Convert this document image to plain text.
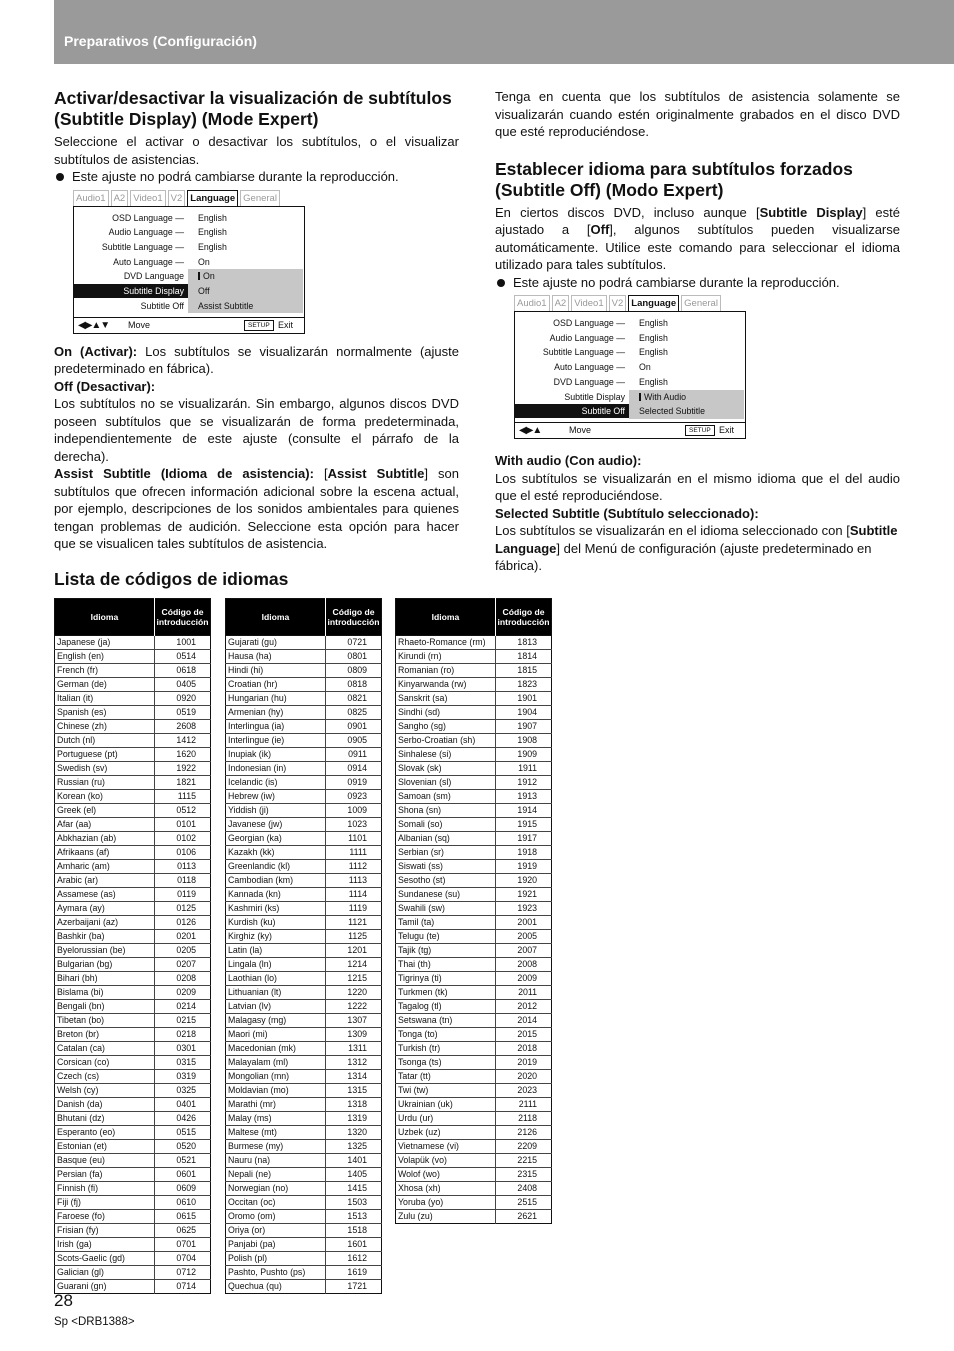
Preparativos (Configuración)
Activar/desactivar la visualización de subtítulos (Subtitle Display) (Mode Expert)

Seleccione el activar o desactivar los subtítulos, o el visualizar subtítulos de asistencias.

Este ajuste no podrá cambiarse durante la reproducción.
Audio1 A2 Video1 V2 Language General
OSD Language — English
Audio Language — English
Subtitle Language — English
Auto Language — On
DVD Language	On
Subtitle Display Off
Subtitle Off Assist Subtitle
◀▶▲▼ Move	SETUP Exit

On (Activar): Los subtítulos se visualizarán normalmente (ajuste predeterminado en fábrica).

Off (Desactivar):

Los subtítulos no se visualizarán. Sin embargo, algunos discos DVD poseen subtítulos que se visualizarán de forma predeterminada, independientemente de este ajuste (consulte el párrafo de la derecha).

Assist Subtitle (Idioma de asistencia): [Assist Subtitle] son subtítulos que ofrecen información adicional sobre la escena actual, por ejemplo, descripciones de los sonidos ambientales para quienes tengan problemas de audición. Seleccione esta opción para hacer que se visualicen tales subtítulos de asistencia.

Tenga en cuenta que los subtítulos de asistencia solamente se visualizarán cuando estén originalmente grabados en el disco DVD que esté reproduciéndose.

Establecer idioma para subtítulos forzados (Subtitle Off) (Modo Expert)

En ciertos discos DVD, incluso aunque [Subtitle Display] esté ajustado a [Off], algunos subtítulos pueden visualizarse automáticamente. Utilice este comando para seleccionar el idioma utilizado para tales subtítulos.

Este ajuste no podrá cambiarse durante la reproducción.
Audio1 A2 Video1 V2 Language General
OSD Language — English
Audio Language — English
Subtitle Language — English
Auto Language — On
DVD Language — English
Subtitle Display	With Audio
Subtitle Off Selected Subtitle
◀▶▲	Move	SETUP Exit

With audio (Con audio):

Los subtítulos se visualizarán en el mismo idioma que el del audio que el esté reproduciéndose.

Selected Subtitle (Subtítulo seleccionado):

Los subtítulos se visualizarán en el idioma seleccionado con [Subtitle Language] del Menú de configuración (ajuste predeterminado en fábrica).

Lista de códigos de idiomas
Idioma	Código de introducción
Japanese (ja)	1001
English (en)	0514
French (fr)	0618
German (de)	0405
Italian (it)	0920
Spanish (es)	0519
Chinese (zh)	2608
Dutch (nl)	1412
Portuguese (pt)	1620
Swedish (sv)	1922
Russian (ru)	1821
Korean (ko)	1115
Greek (el)	0512
Afar (aa)	0101
Abkhazian (ab)	0102
Afrikaans (af)	0106
Amharic (am)	0113
Arabic (ar)	0118
Assamese (as)	0119
Aymara (ay)	0125
Azerbaijani (az)	0126
Bashkir (ba)	0201
Byelorussian (be)	0205
Bulgarian (bg)	0207
Bihari (bh)	0208
Bislama (bi)	0209
Bengali (bn)	0214
Tibetan (bo)	0215
Breton (br)	0218
Catalan (ca)	0301
Corsican (co)	0315
Czech (cs)	0319
Welsh (cy)	0325
Danish (da)	0401
Bhutani (dz)	0426
Esperanto (eo)	0515
Estonian (et)	0520
Basque (eu)	0521
Persian (fa)	0601
Finnish (fi)	0609
Fiji (fj)	0610
Faroese (fo)	0615
Frisian (fy)	0625
Irish (ga)	0701
Scots-Gaelic (gd)	0704
Galician (gl)	0712
Guarani (gn)	0714
Idioma	Código de introducción
Gujarati (gu)	0721
Hausa (ha)	0801
Hindi (hi)	0809
Croatian (hr)	0818
Hungarian (hu)	0821
Armenian (hy)	0825
Interlingua (ia)	0901
Interlingue (ie)	0905
Inupiak (ik)	0911
Indonesian (in)	0914
Icelandic (is)	0919
Hebrew (iw)	0923
Yiddish (ji)	1009
Javanese (jw)	1023
Georgian (ka)	1101
Kazakh (kk)	1111
Greenlandic (kl)	1112
Cambodian (km)	1113
Kannada (kn)	1114
Kashmiri (ks)	1119
Kurdish (ku)	1121
Kirghiz (ky)	1125
Latin (la)	1201
Lingala (ln)	1214
Laothian (lo)	1215
Lithuanian (lt)	1220
Latvian (lv)	1222
Malagasy (mg)	1307
Maori (mi)	1309
Macedonian (mk)	1311
Malayalam (ml)	1312
Mongolian (mn)	1314
Moldavian (mo)	1315
Marathi (mr)	1318
Malay (ms)	1319
Maltese (mt)	1320
Burmese (my)	1325
Nauru (na)	1401
Nepali (ne)	1405
Norwegian (no)	1415
Occitan (oc)	1503
Oromo (om)	1513
Oriya (or)	1518
Panjabi (pa)	1601
Polish (pl)	1612
Pashto, Pushto (ps)	1619
Quechua (qu)	1721
Idioma	Código de introducción
Rhaeto-Romance (rm)	1813
Kirundi (rn)	1814
Romanian (ro)	1815
Kinyarwanda (rw)	1823
Sanskrit (sa)	1901
Sindhi (sd)	1904
Sangho (sg)	1907
Serbo-Croatian (sh)	1908
Sinhalese (si)	1909
Slovak (sk)	1911
Slovenian (sl)	1912
Samoan (sm)	1913
Shona (sn)	1914
Somali (so)	1915
Albanian (sq)	1917
Serbian (sr)	1918
Siswati (ss)	1919
Sesotho (st)	1920
Sundanese (su)	1921
Swahili (sw)	1923
Tamil (ta)	2001
Telugu (te)	2005
Tajik (tg)	2007
Thai (th)	2008
Tigrinya (ti)	2009
Turkmen (tk)	2011
Tagalog (tl)	2012
Setswana (tn)	2014
Tonga (to)	2015
Turkish (tr)	2018
Tsonga (ts)	2019
Tatar (tt)	2020
Twi (tw)	2023
Ukrainian (uk)	2111
Urdu (ur)	2118
Uzbek (uz)	2126
Vietnamese (vi)	2209
Volapük (vo)	2215
Wolof (wo)	2315
Xhosa (xh)	2408
Yoruba (yo)	2515
Zulu (zu)	2621
28
Sp <DRB1388>
